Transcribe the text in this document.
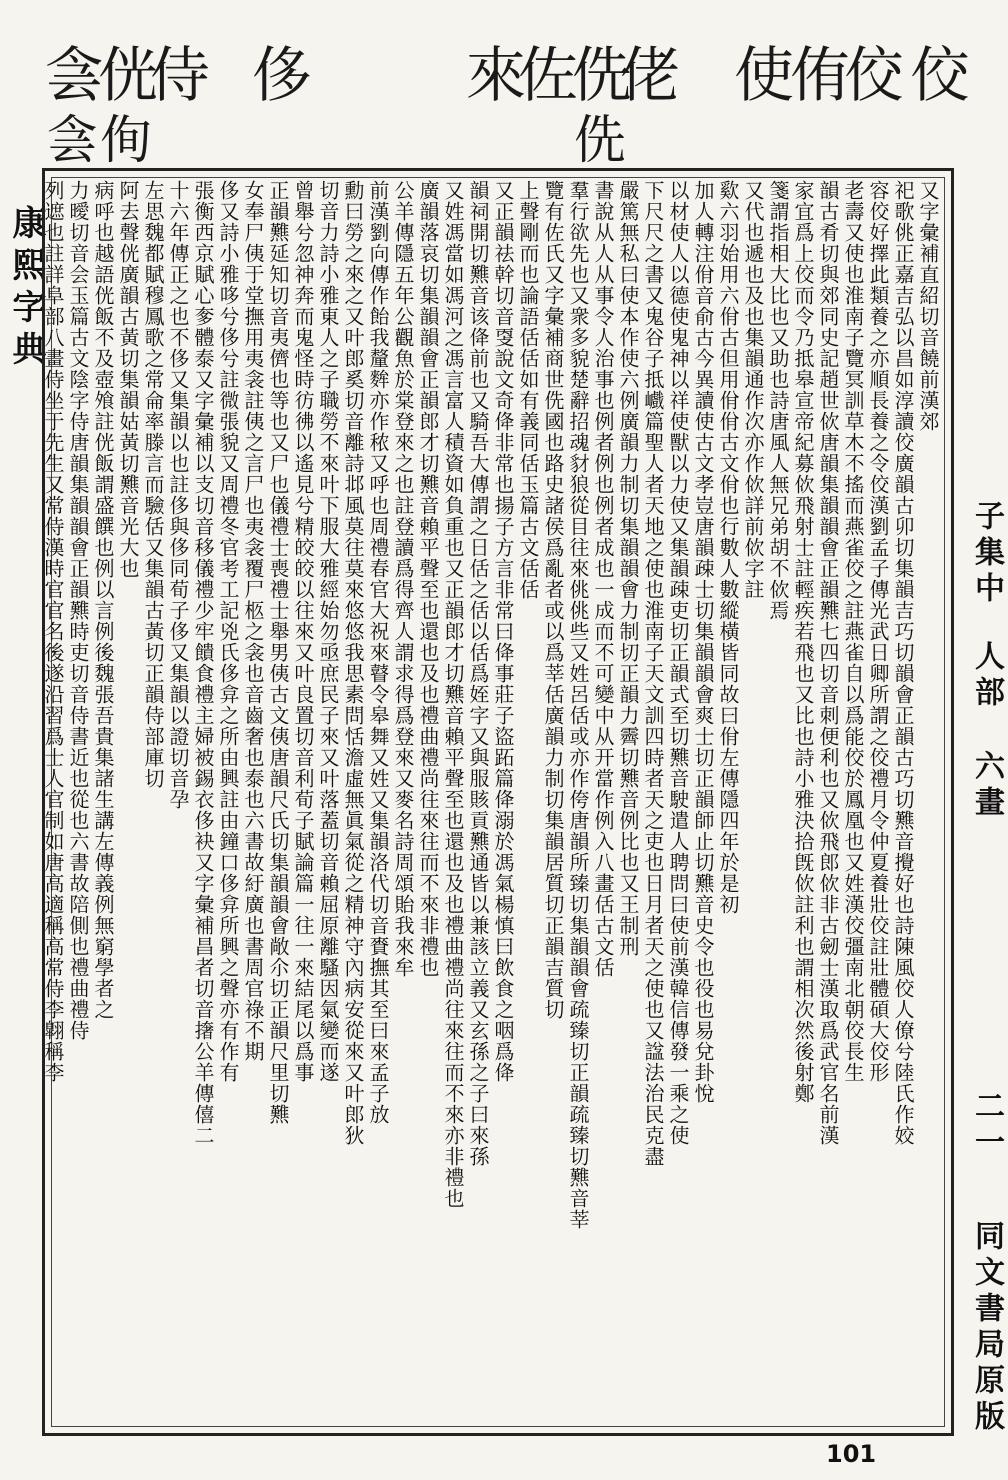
佼
佼
侑
使
佬
侁
侁
佐
來
侈
侍
侊
侚
侌
侌
康熙字典	又字彙補直紹切音饒前漢郊
祀歌佻正嘉吉弘以昌如淳讀佼廣韻古卯切集韻吉巧切韻會正韻古巧切㸐音攪好也詩陳風佼人僚兮陸氏作姣
容佼好擇此類養之亦順長養之令佼漢劉孟子傳光武日卿所謂之佼禮月令仲夏養壯佼註壯體碩大佼形
老壽又使也淮南子覽冥訓草木不搖而燕雀佼之註燕雀自以爲能佼於鳳凰也又姓漢佼彊南北朝佼長生
韻古肴切與郊同史記趙世佽唐韻集韻韻會正韻㸐七四切音刺便利也又佽飛郎佽非古劒士漢取爲武官名前漢
家宜爲上佼而令乃抵皋宣帝紀募佽飛射士註輕疾若飛也又比也詩小雅決拾旣佽註利也謂相次然後射鄭
箋謂指相大比也又助也詩唐風人無兄弟胡不佽焉
又代也遞也及也集韻通作次亦作佽詳前佽字註
㰿六羽始用六佾古但用佾佾古文佾也行數人數縱橫皆同故曰佾左傳隱四年於是初
加人轉注佾音俞古今異讀使古文孝豈唐韻疎士切集韻韻會爽士切正韻師止切㸐音史令也役也易兌卦悅
以材使人以德使鬼神以祥使獸以力使又集韻疎吏切正韻式至切㸐音駛遣人聘問曰使前漢韓信傳發一乘之使
下尺尺之書又鬼谷子抵巇篇聖人者天地之使也淮南子天文訓四時者天之吏也日月者天之使也又諡法治民克盡
嚴篤無私曰使本作使六例廣韻力制切集韻韻會力制切正韻力霽切㸐音例比也又王制刑
書說从人从事令人治事也例者例也例者成也一成而不可變中从开當作例入八畫佸古文佸
羣行欲先也又衆多貌楚辭招魂豺狼從目往來佻佻些又姓呂佸或亦作侉唐韻所臻切集韻韻會疏臻切正韻疏臻切㸐音莘
覽有佐氏又字彙補商世侁國也路史諸侯爲亂者或以爲莘佸廣韻力制切集韻居質切正韻吉質切
上聲剛而也論語佸佸如有義同佸玉篇古文佸佸
又正韻祛幹切音㪅說文奇佭非常也揚子方言非常曰佭事莊子盜跖篇佭溺於馮氣楊慎曰飲食之咽爲佭
韻祠開切㸐音该佭前也又騎吾大傳謂之日佸之佸以佸爲姪字又與服賅貢㸐通皆以兼該立義又玄孫之子曰來孫
又姓馮當如馮河之馮言富人積資如負重也又正韻郎才切㸐音賴平聲至也還也及也禮曲禮尚往來往而不來亦非禮也
廣韻落哀切集韻韻會正韻郎才切㸐音賴平聲至也還也及也禮曲禮尚往來往而不來非禮也
公羊傳隱五年公觀魚於棠登來之也註登讀爲得齊人謂求得爲登來又麥名詩周頌貽我來牟
前漢劉向傳作飴我釐麰亦作秾又呼也周禮春官大祝來瞽令皋舞又姓又集韻洛代切音賚撫其至曰來孟子放
勳曰勞之來之又叶郎奚切音離詩邶風莫往莫來悠悠我思素問恬澹虛無眞氣從之精神守內病安從來又叶郎狄
切音力詩小雅東人之子職勞不來叶下服大雅經始勿亟庶民子來又叶落蓋切音賴屈原離騷因氣變而遂
曾舉兮忽神奔而鬼怪時彷彿以遙見兮精皎皎以往來又叶良置切音利荀子賦論篇一往一來結尾以爲事
正韻㸐延知切音夷儕也等也又尸也儀禮士喪禮士舉男侇古文侇唐韻尺氏切集韻韻會敞尒切正韻尺里切㸐
女奉尸侇于堂撫用夷衾註侇之言尸也夷衾覆尸柩之衾也音齒奢也泰也六書故紆廣也書周官祿不期
侈又詩小雅哆兮侈兮註微張貌又周禮冬官考工記兇氏侈弇之所由興註由鐘口侈弇所興之聲亦有作有
張衡西京賦心奓體泰又字彙補以支切音移儀禮少牢饋食禮主婦被錫衣侈袂又字彙補昌者切音撦公羊傳僖二
十六年傳正之也不侈又集韻以也註侈與侈同荀子侈又集韻以證切音孕
左思魏都賦穆鳳歌之常侖率滕言而驗佸又集韻古黃切正韻侍部庫切
阿去聲侊廣韻古黃切集韻姑黃切㸐音光大也
病呼也越語侊飯不及壺飧註侊飯謂盛饌也例以言例後魏張吾貴集諸生講左傳義例無窮學者之
力曖切音会玉篇古文陰字侍唐韻集韻韻會正韻㸐時吏切音侍書近也從也六書故陪側也禮曲禮侍
列遮也註詳阜部八畫侍坐于先生又常侍漢時官官名後遂沿習爲士人官制如唐高適稱高常侍李翺稱李	子集中
人部
六畫
二一
同文書局原版
101
